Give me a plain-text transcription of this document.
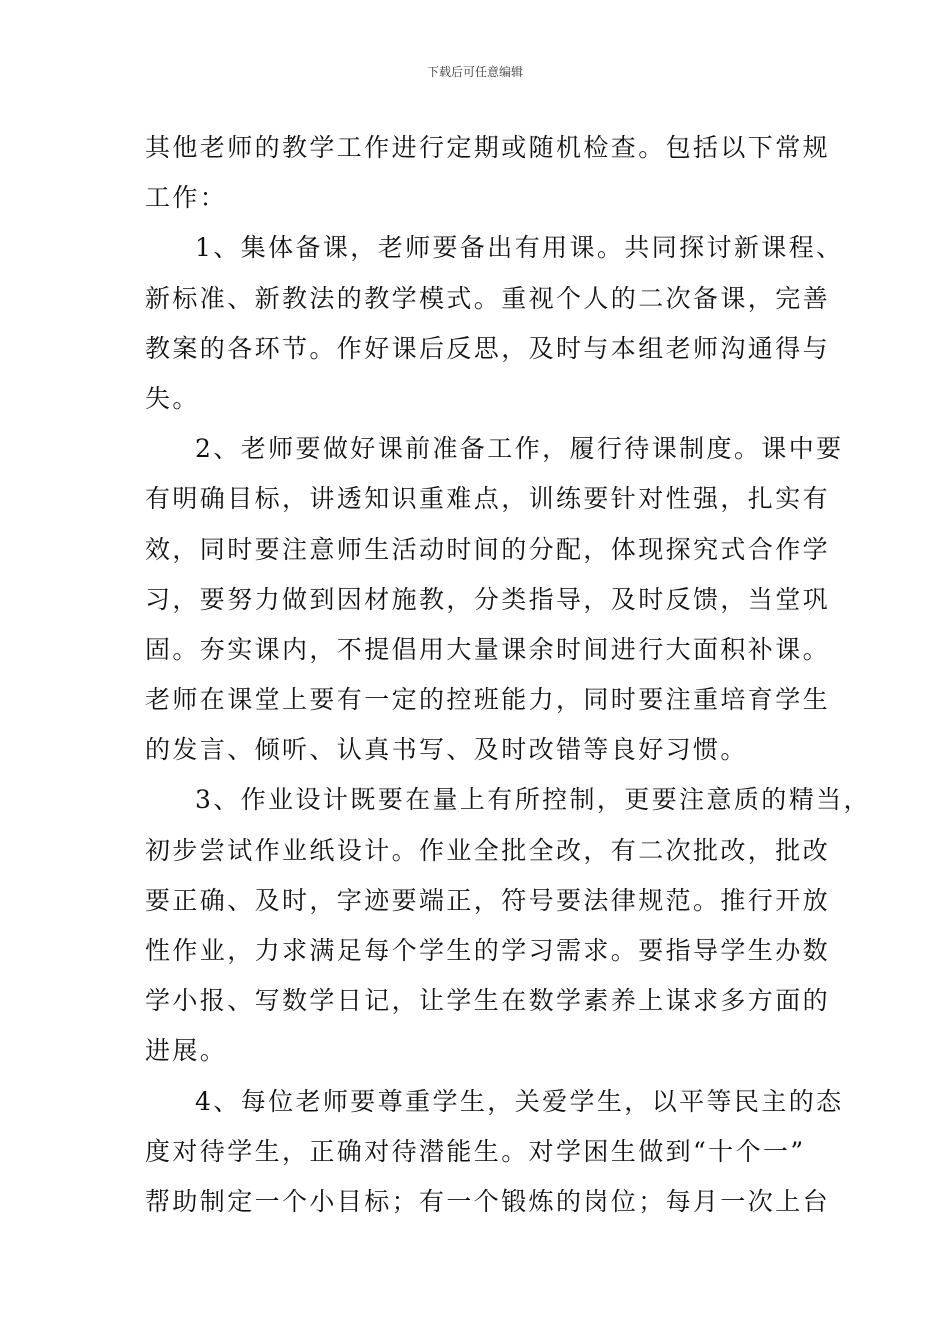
下载后可任意编辑
其他老师的教学工作进行定期或随机检查。包括以下常规
工作：
1、集体备课，老师要备出有用课。共同探讨新课程、
新标准、新教法的教学模式。重视个人的二次备课，完善
教案的各环节。作好课后反思，及时与本组老师沟通得与
失。
2、老师要做好课前准备工作，履行待课制度。课中要
有明确目标，讲透知识重难点，训练要针对性强，扎实有
效，同时要注意师生活动时间的分配，体现探究式合作学
习，要努力做到因材施教，分类指导，及时反馈，当堂巩
固。夯实课内，不提倡用大量课余时间进行大面积补课。
老师在课堂上要有一定的控班能力，同时要注重培育学生
的发言、倾听、认真书写、及时改错等良好习惯。
3、作业设计既要在量上有所控制，更要注意质的精当，
初步尝试作业纸设计。作业全批全改，有二次批改，批改
要正确、及时，字迹要端正，符号要法律规范。推行开放
性作业，力求满足每个学生的学习需求。要指导学生办数
学小报、写数学日记，让学生在数学素养上谋求多方面的
进展。
4、每位老师要尊重学生，关爱学生，以平等民主的态
度对待学生，正确对待潜能生。对学困生做到“十个一”
帮助制定一个小目标；有一个锻炼的岗位；每月一次上台
